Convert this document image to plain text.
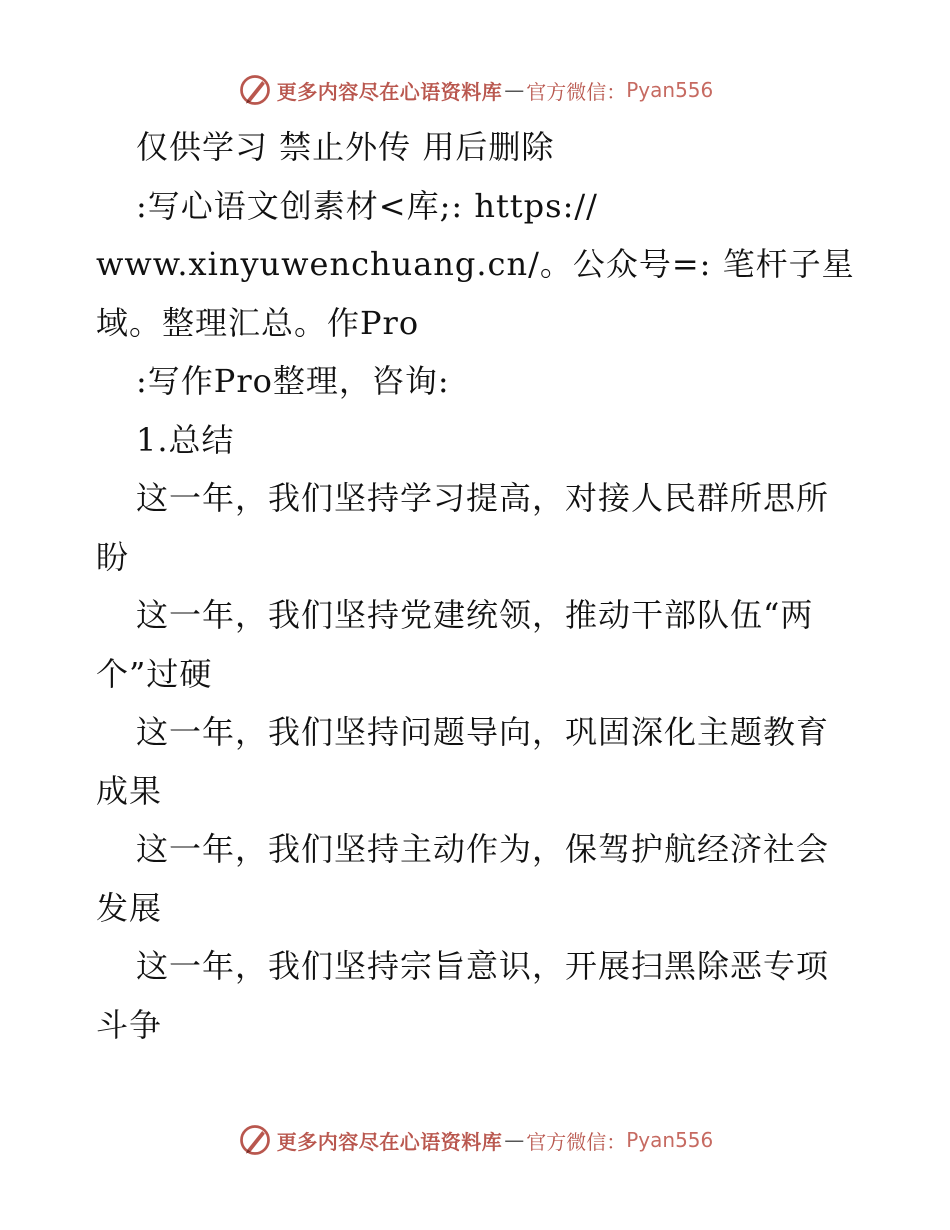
更多内容尽在心语资料库 — 官方微信： Pyan556
仅供学习 禁止外传 用后删除
:写心语文创素材<库;: https://
www.xinyuwenchuang.cn/。公众号=: 笔杆子星
域。整理汇总。作Pro
:写作Pro整理，咨询:
1.总结
这一年，我们坚持学习提高，对接人民群所思所
盼
这一年，我们坚持党建统领，推动干部队伍“两
个”过硬
这一年，我们坚持问题导向，巩固深化主题教育
成果
这一年，我们坚持主动作为，保驾护航经济社会
发展
这一年，我们坚持宗旨意识，开展扫黑除恶专项
斗争
更多内容尽在心语资料库 — 官方微信： Pyan556
